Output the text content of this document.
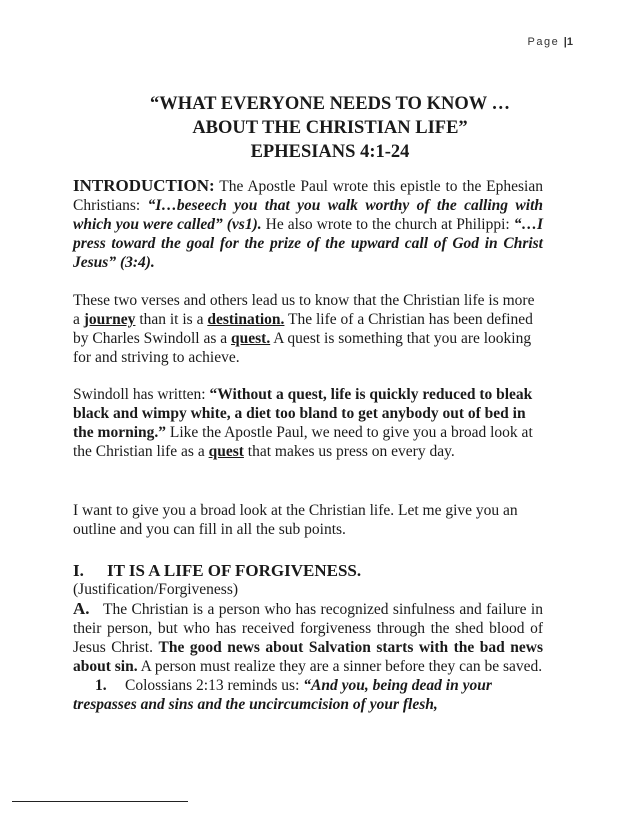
Page |1
“WHAT EVERYONE NEEDS TO KNOW …
ABOUT THE CHRISTIAN LIFE”
EPHESIANS 4:1-24
INTRODUCTION: The Apostle Paul wrote this epistle to the Ephesian Christians: “I…beseech you that you walk worthy of the calling with which you were called” (vs1). He also wrote to the church at Philippi: “…I press toward the goal for the prize of the upward call of God in Christ Jesus” (3:4).
These two verses and others lead us to know that the Christian life is more a journey than it is a destination. The life of a Christian has been defined by Charles Swindoll as a quest. A quest is something that you are looking for and striving to achieve.
Swindoll has written: “Without a quest, life is quickly reduced to bleak black and wimpy white, a diet too bland to get anybody out of bed in the morning.” Like the Apostle Paul, we need to give you a broad look at the Christian life as a quest that makes us press on every day.
I want to give you a broad look at the Christian life. Let me give you an outline and you can fill in all the sub points.
I. IT IS A LIFE OF FORGIVENESS.
(Justification/Forgiveness)
A. The Christian is a person who has recognized sinfulness and failure in their person, but who has received forgiveness through the shed blood of Jesus Christ. The good news about Salvation starts with the bad news about sin. A person must realize they are a sinner before they can be saved.
1. Colossians 2:13 reminds us: “And you, being dead in your trespasses and sins and the uncircumcision of your flesh,
